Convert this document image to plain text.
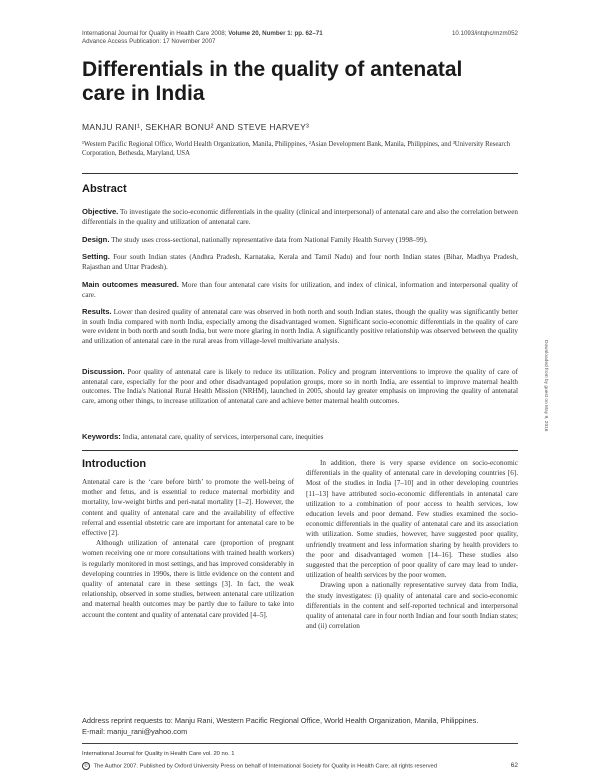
International Journal for Quality in Health Care 2008; Volume 20, Number 1: pp. 62–71
Advance Access Publication: 17 November 2007
10.1093/intqhc/mzm052
Differentials in the quality of antenatal care in India
MANJU RANI¹, SEKHAR BONU² AND STEVE HARVEY³
¹Western Pacific Regional Office, World Health Organization, Manila, Philippines, ²Asian Development Bank, Manila, Philippines, and ³University Research Corporation, Bethesda, Maryland, USA
Abstract
Objective. To investigate the socio-economic differentials in the quality (clinical and interpersonal) of antenatal care and also the correlation between differentials in the quality and utilization of antenatal care.
Design. The study uses cross-sectional, nationally representative data from National Family Health Survey (1998–99).
Setting. Four south Indian states (Andhra Pradesh, Karnataka, Kerala and Tamil Nadu) and four north Indian states (Bihar, Madhya Pradesh, Rajasthan and Uttar Pradesh).
Main outcomes measured. More than four antenatal care visits for utilization, and index of clinical, information and interpersonal quality of care.
Results. Lower than desired quality of antenatal care was observed in both north and south Indian states, though the quality was significantly better in south India compared with north India, especially among the disadvantaged women. Significant socio-economic differentials in the quality of care were evident in both north and south India, but were more glaring in north India. A significantly positive relationship was observed between the quality and utilization of antenatal care in the rural areas from village-level multivariate analysis.
Discussion. Poor quality of antenatal care is likely to reduce its utilization. Policy and program interventions to improve the quality of care of antenatal care, especially for the poor and other disadvantaged population groups, more so in north India, are essential to improve maternal health outcomes. The India's National Rural Health Mission (NRHM), launched in 2005, should lay greater emphasis on improving the quality of antenatal care, among other things, to increase utilization of antenatal care and achieve better maternal health outcomes.
Keywords: India, antenatal care, quality of services, interpersonal care, inequities
Downloaded from by guest on May 9, 2016
Introduction

Antenatal care is the ‘care before birth’ to promote the well-being of mother and fetus, and is essential to reduce maternal morbidity and mortality, low-weight births and peri-natal mortality [1–2]. However, the content and quality of antenatal care and the availability of effective referral and essential obstetric care are important for antenatal care to be effective [2].

Although utilization of antenatal care (proportion of pregnant women receiving one or more consultations with trained health workers) is regularly monitored in most settings, and has improved considerably in developing countries in 1990s, there is little evidence on the content and quality of antenatal care in these settings [3]. In fact, the weak relationship, observed in some studies, between antenatal care utilization and maternal health outcomes may be partly due to failure to take into account the content and quality of antenatal care provided [4–5].

In addition, there is very sparse evidence on socio-economic differentials in the quality of antenatal care in developing countries [6]. Most of the studies in India [7–10] and in other developing countries [11–13] have attributed socio-economic differentials in antenatal care utilization to a combination of poor access to health services, low education levels and poor demand. Few studies examined the socio-economic differentials in the quality of antenatal care and its association with utilization. Some studies, however, have suggested poor quality, unfriendly treatment and less information sharing by health providers to the poor and disadvantaged women [14–16]. These studies also suggested that the perception of poor quality of care may lead to under-utilization of health services by the poor women.

Drawing upon a nationally representative survey data from India, the study investigates: (i) quality of antenatal care and socio-economic differentials in the content and self-reported technical and interpersonal quality of antenatal care in four north Indian and four south Indian states; and (ii) correlation

Address reprint requests to: Manju Rani, Western Pacific Regional Office, World Health Organization, Manila, Philippines.
E-mail: manju_rani@yahoo.com
International Journal for Quality in Health Care vol. 20 no. 1
© The Author 2007. Published by Oxford University Press on behalf of International Society for Quality in Health Care; all rights reserved	62
